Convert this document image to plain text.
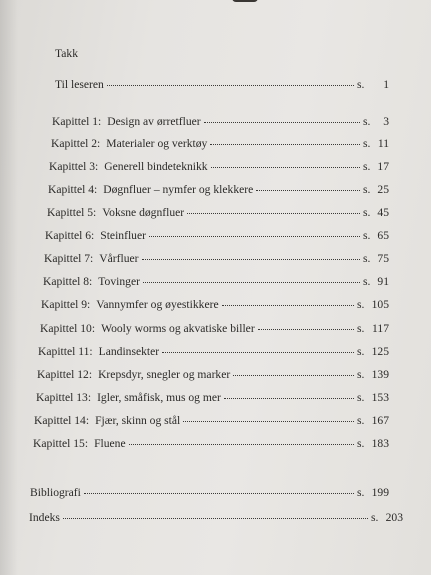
Takk
Til leseren	s. 1
Kapittel 1: Design av ørretfluer	s. 3
Kapittel 2: Materialer og verktøy	s. 11
Kapittel 3: Generell bindeteknikk	s. 17
Kapittel 4: Døgnfluer – nymfer og klekkere	s. 25
Kapittel 5: Voksne døgnfluer	s. 45
Kapittel 6: Steinfluer	s. 65
Kapittel 7: Vårfluer	s. 75
Kapittel 8: Tovinger	s. 91
Kapittel 9: Vannymfer og øyestikkere	s. 105
Kapittel 10: Wooly worms og akvatiske biller	s. 117
Kapittel 11: Landinsekter	s. 125
Kapittel 12: Krepsdyr, snegler og marker	s. 139
Kapittel 13: Igler, småfisk, mus og mer	s. 153
Kapittel 14: Fjær, skinn og stål	s. 167
Kapittel 15: Fluene	s. 183
Bibliografi	s. 199
Indeks	s. 203
